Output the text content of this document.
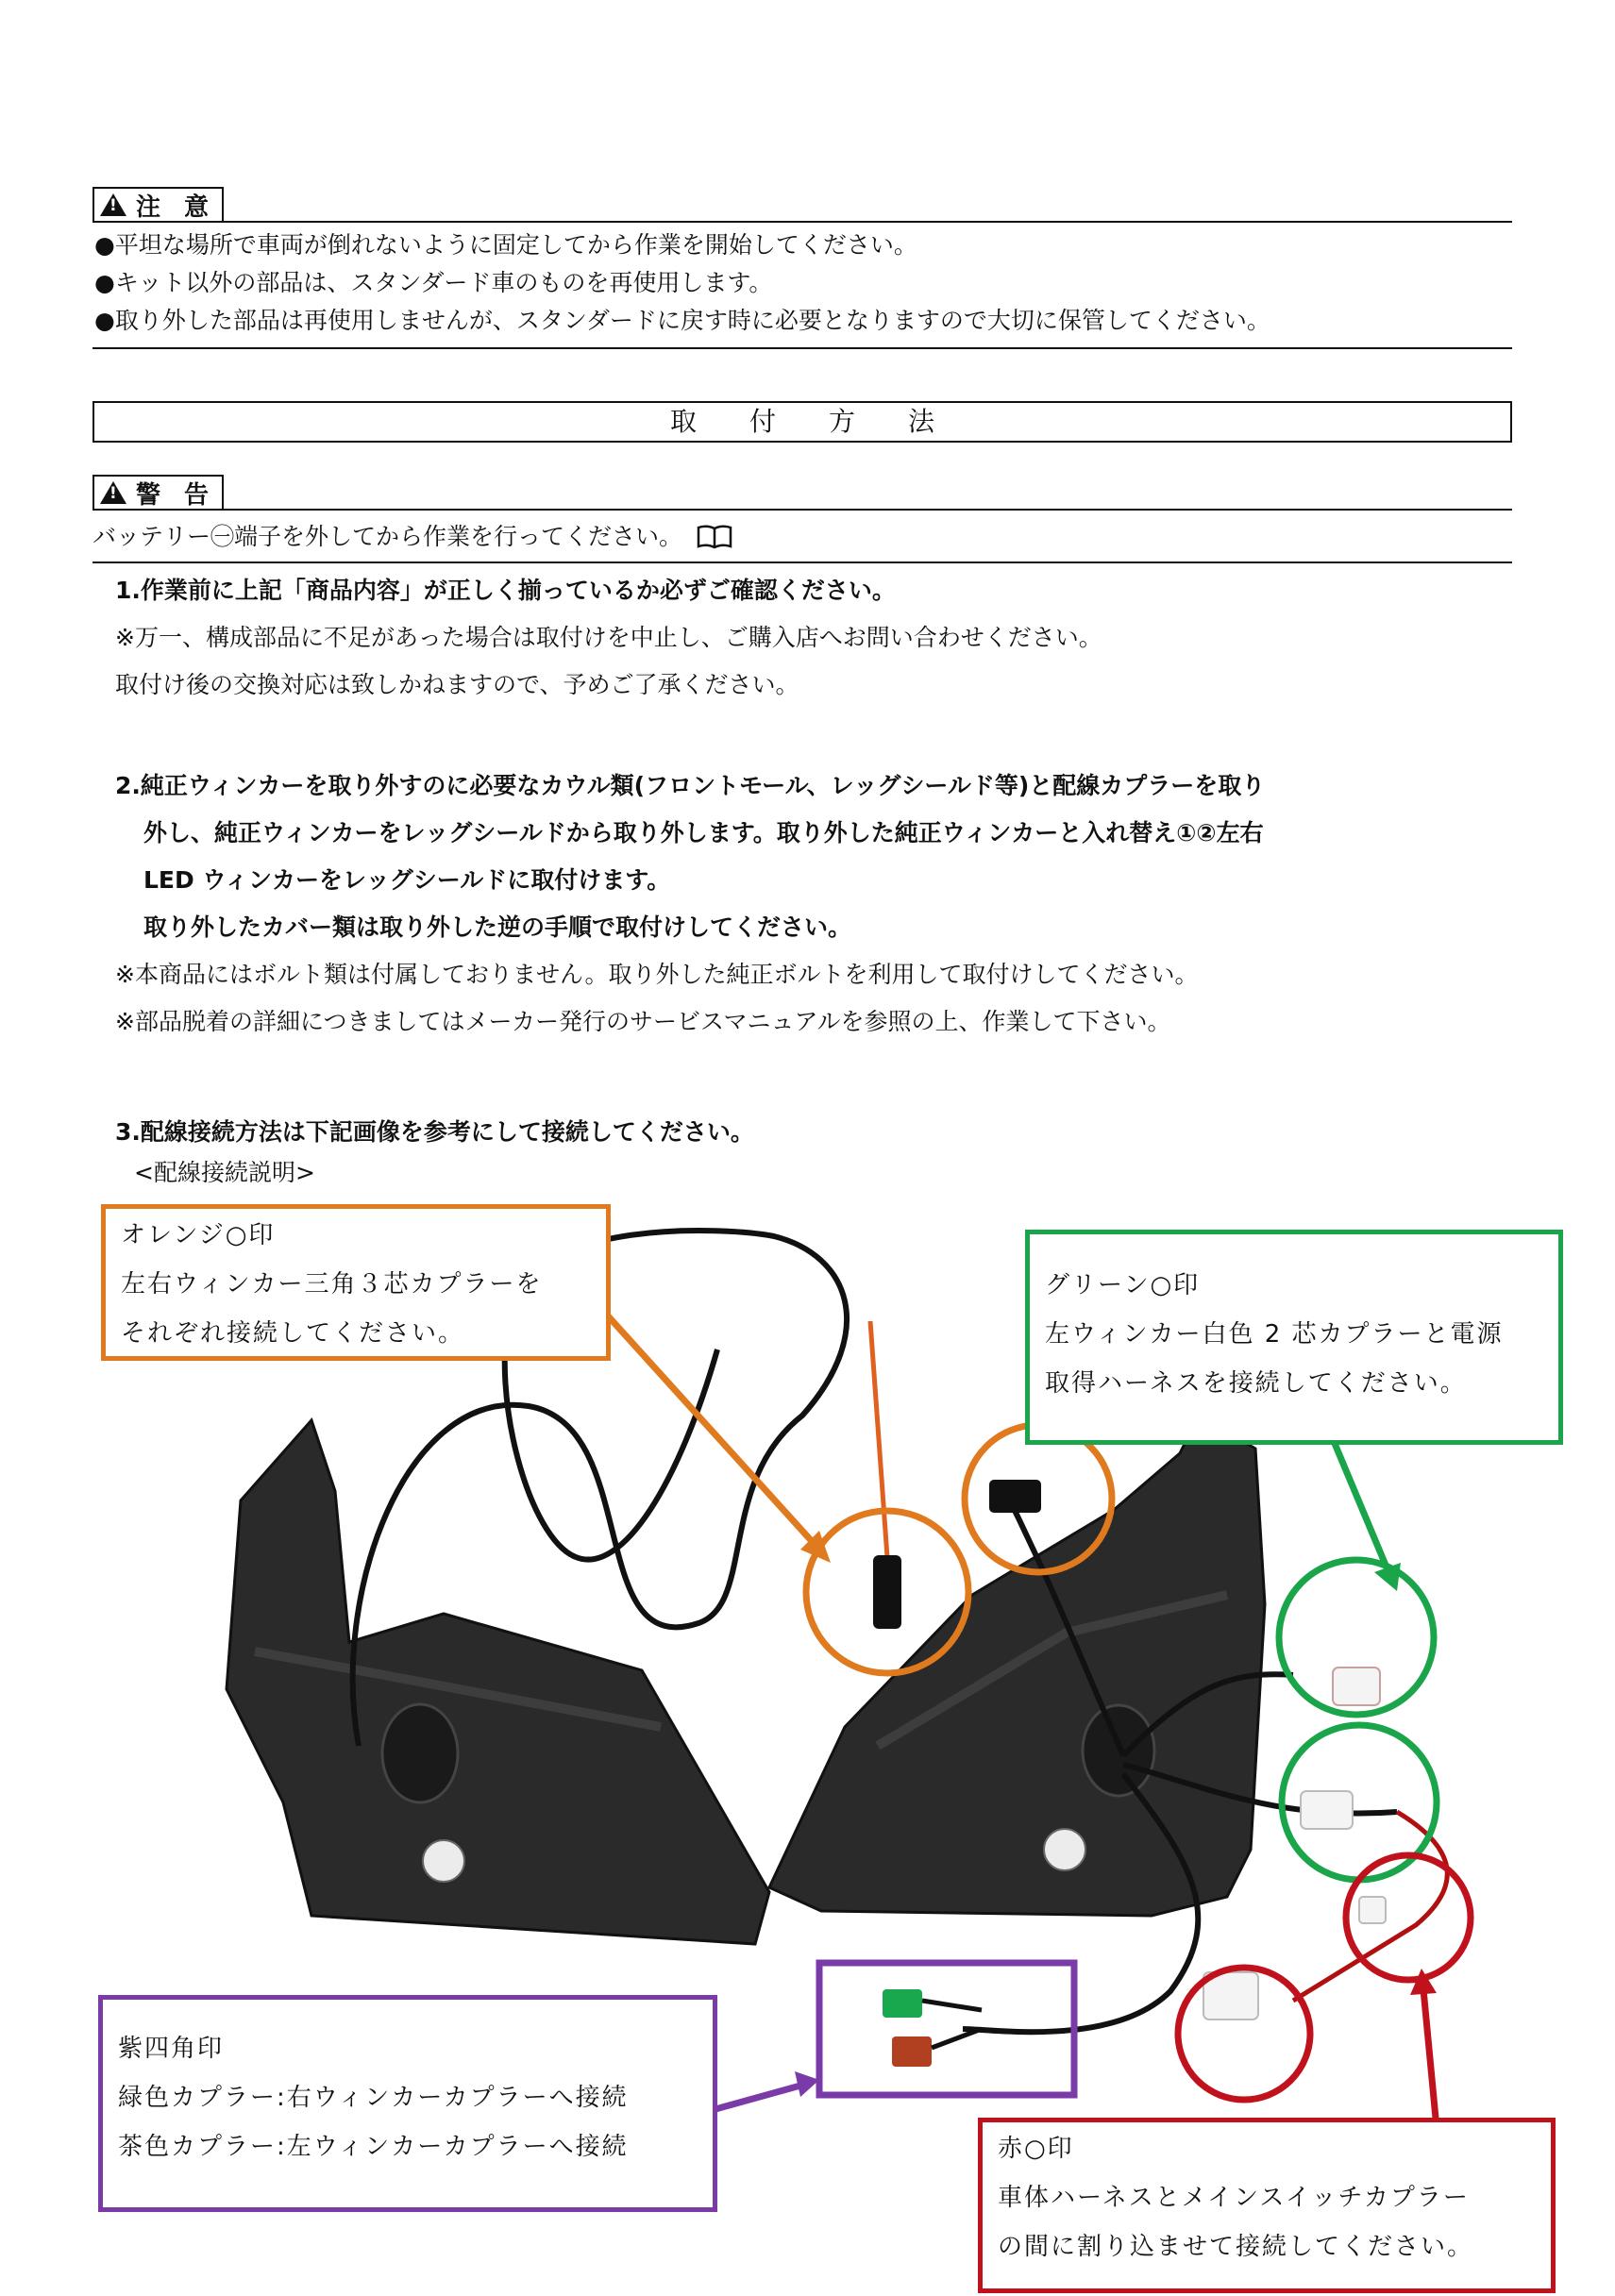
!
注 意
●平坦な場所で車両が倒れないように固定してから作業を開始してください。
●キット以外の部品は、スタンダード車のものを再使用します。
●取り外した部品は再使用しませんが、スタンダードに戻す時に必要となりますので大切に保管してください。
取　　付　　方　　法
!
警 告
バッテリー㊀端子を外してから作業を行ってください。
1.作業前に上記「商品内容」が正しく揃っているか必ずご確認ください。
※万一、構成部品に不足があった場合は取付けを中止し、ご購入店へお問い合わせください。
取付け後の交換対応は致しかねますので、予めご了承ください。
2.純正ウィンカーを取り外すのに必要なカウル類(フロントモール、レッグシールド等)と配線カプラーを取り
外し、純正ウィンカーをレッグシールドから取り外します。取り外した純正ウィンカーと入れ替え①②左右
LED ウィンカーをレッグシールドに取付けます。
取り外したカバー類は取り外した逆の手順で取付けしてください。
※本商品にはボルト類は付属しておりません。取り外した純正ボルトを利用して取付けしてください。
※部品脱着の詳細につきましてはメーカー発行のサービスマニュアルを参照の上、作業して下さい。
3.配線接続方法は下記画像を参考にして接続してください。
<配線接続説明>
オレンジ○印
左右ウィンカー三角３芯カプラーを
それぞれ接続してください。
グリーン○印
左ウィンカー白色 2 芯カプラーと電源
取得ハーネスを接続してください。
紫四角印
緑色カプラー:右ウィンカーカプラーへ接続
茶色カプラー:左ウィンカーカプラーへ接続	赤○印
車体ハーネスとメインスイッチカプラー
の間に割り込ませて接続してください。
